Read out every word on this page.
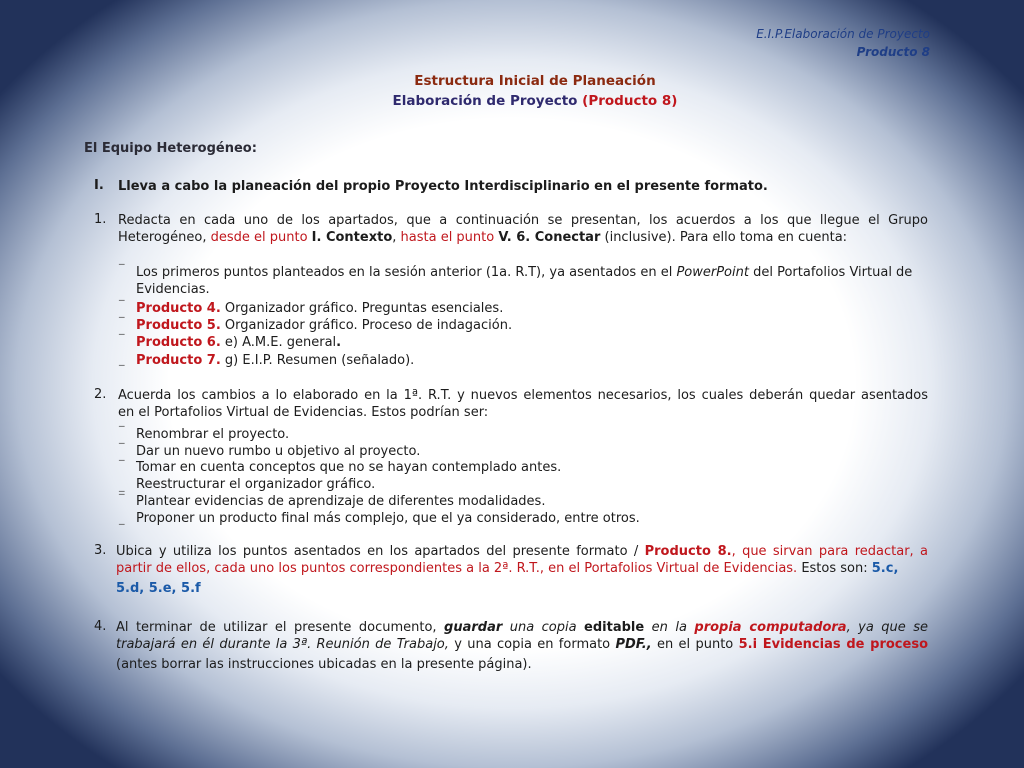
E.I.P.Elaboración de Proyecto
Producto 8
Estructura Inicial de Planeación
Elaboración de Proyecto (Producto 8)
El Equipo Heterogéneo:
I. Lleva a cabo la planeación del propio Proyecto Interdisciplinario en el presente formato.
1. Redacta en cada uno de los apartados, que a continuación se presentan, los acuerdos a los que llegue el Grupo
Heterogéneo, desde el punto I. Contexto, hasta el punto V. 6. Conectar (inclusive). Para ello toma en cuenta:
‾ Los primeros puntos planteados en la sesión anterior (1a. R.T), ya asentados en el PowerPoint del Portafolios Virtual de
Evidencias.
‾ Producto 4. Organizador gráfico. Preguntas esenciales.
‾ Producto 5. Organizador gráfico. Proceso de indagación.
‾ Producto 6. e) A.M.E. general.
_ Producto 7. g) E.I.P. Resumen (señalado).
2. Acuerda los cambios a lo elaborado en la 1ª. R.T. y nuevos elementos necesarios, los cuales deberán quedar asentados
en el Portafolios Virtual de Evidencias. Estos podrían ser:
‾ Renombrar el proyecto.
‾ Dar un nuevo rumbo u objetivo al proyecto.
‾ Tomar en cuenta conceptos que no se hayan contemplado antes.
_ Reestructurar el organizador gráfico.
‾ Plantear evidencias de aprendizaje de diferentes modalidades.
_ Proponer un producto final más complejo, que el ya considerado, entre otros.
3. Ubica y utiliza los puntos asentados en los apartados del presente formato / Producto 8., que sirvan para redactar, a
partir de ellos, cada uno los puntos correspondientes a la 2ª. R.T., en el Portafolios Virtual de Evidencias. Estos son: 5.c,
5.d, 5.e, 5.f
4. Al terminar de utilizar el presente documento, guardar una copia editable en la propia computadora, ya que se
trabajará en él durante la 3ª. Reunión de Trabajo, y una copia en formato PDF., en el punto 5.i Evidencias de proceso
(antes borrar las instrucciones ubicadas en la presente página).
